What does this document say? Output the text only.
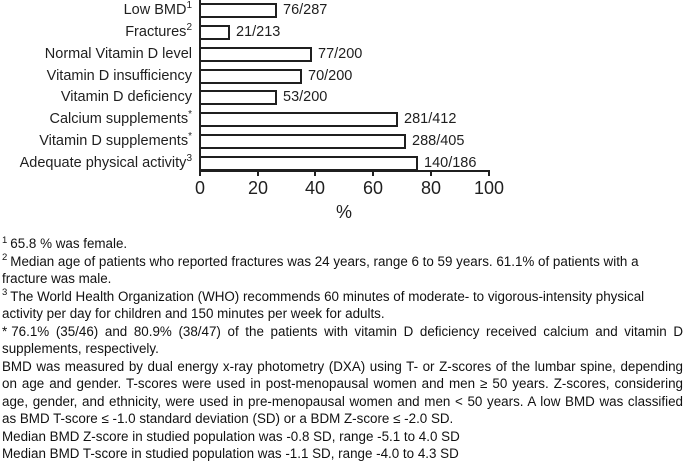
%
Low BMD$^1$	76/287
Fractures$^2$	21/213
Normal Vitamin D level	77/200
Vitamin D insufficiency	70/200
Vitamin D deficiency	53/200
Calcium supplements*	281/412
Vitamin D supplements*	288/405
Adequate physical activity$^3$	140/186
0 20 40 60 80 100

$^1$ 65.8 % was female.

$^2$ Median age of patients who reported fractures was 24 years, range 6 to 59 years. 61.1% of patients with a fracture was male.

$^3$ The World Health Organization (WHO) recommends 60 minutes of moderate- to vigorous-intensity physical activity per day for children and 150 minutes per week for adults.

* 76.1% (35/46) and 80.9% (38/47) of the patients with vitamin D deficiency received calcium and vitamin D supplements, respectively.

BMD was measured by dual energy x-ray photometry (DXA) using T- or Z-scores of the lumbar spine, depending on age and gender. T-scores were used in post-menopausal women and men ≥ 50 years. Z-scores, considering age, gender, and ethnicity, were used in pre-menopausal women and men < 50 years. A low BMD was classified as BMD T-score ≤ -1.0 standard deviation (SD) or a BDM Z-score ≤ -2.0 SD.

Median BMD Z-score in studied population was -0.8 SD, range -5.1 to 4.0 SD

Median BMD T-score in studied population was -1.1 SD, range -4.0 to 4.3 SD
